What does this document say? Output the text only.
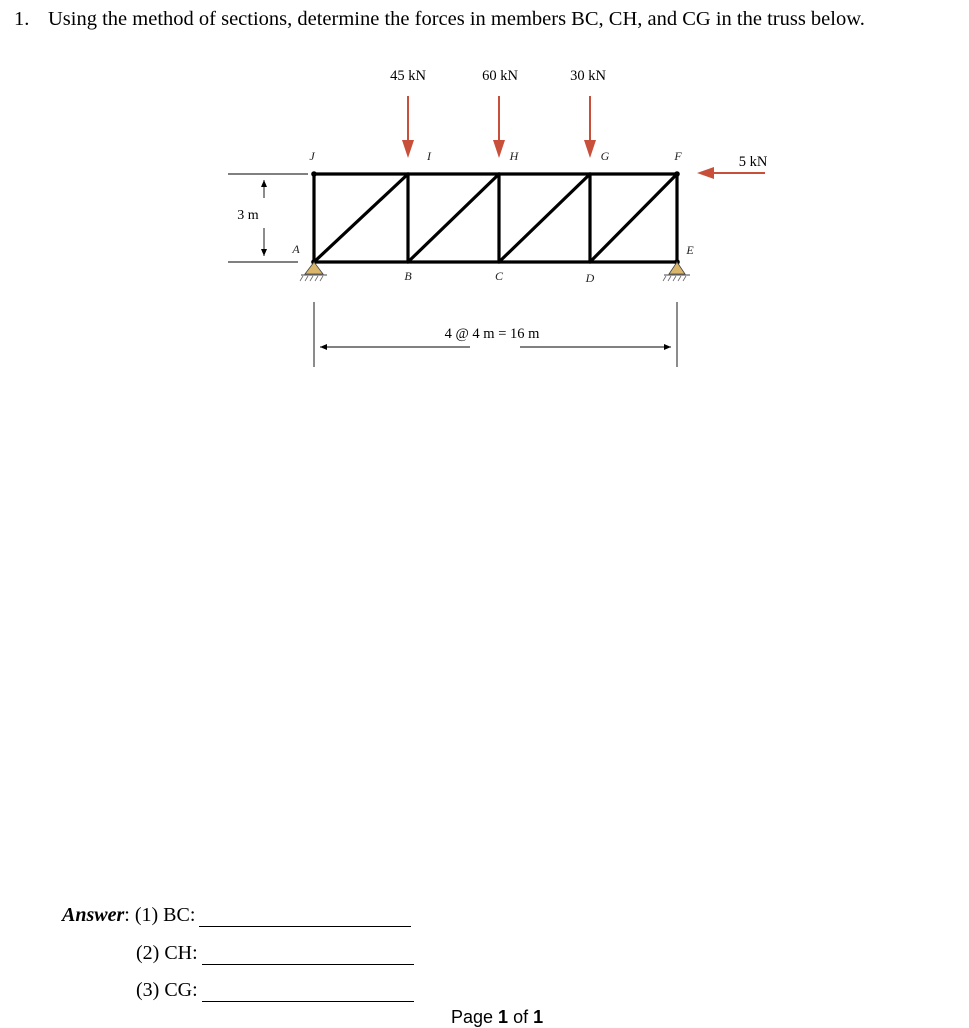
1. Using the method of sections, determine the forces in members BC, CH, and CG in the truss below.
45 kN	60 kN	30 kN
5 kN
J	I	H	G	F
A
B	C	D
E
3 m
4 @ 4 m = 16 m
Answer :
(1) BC:
(2) CH:
(3) CG:
Page 1 of 1
